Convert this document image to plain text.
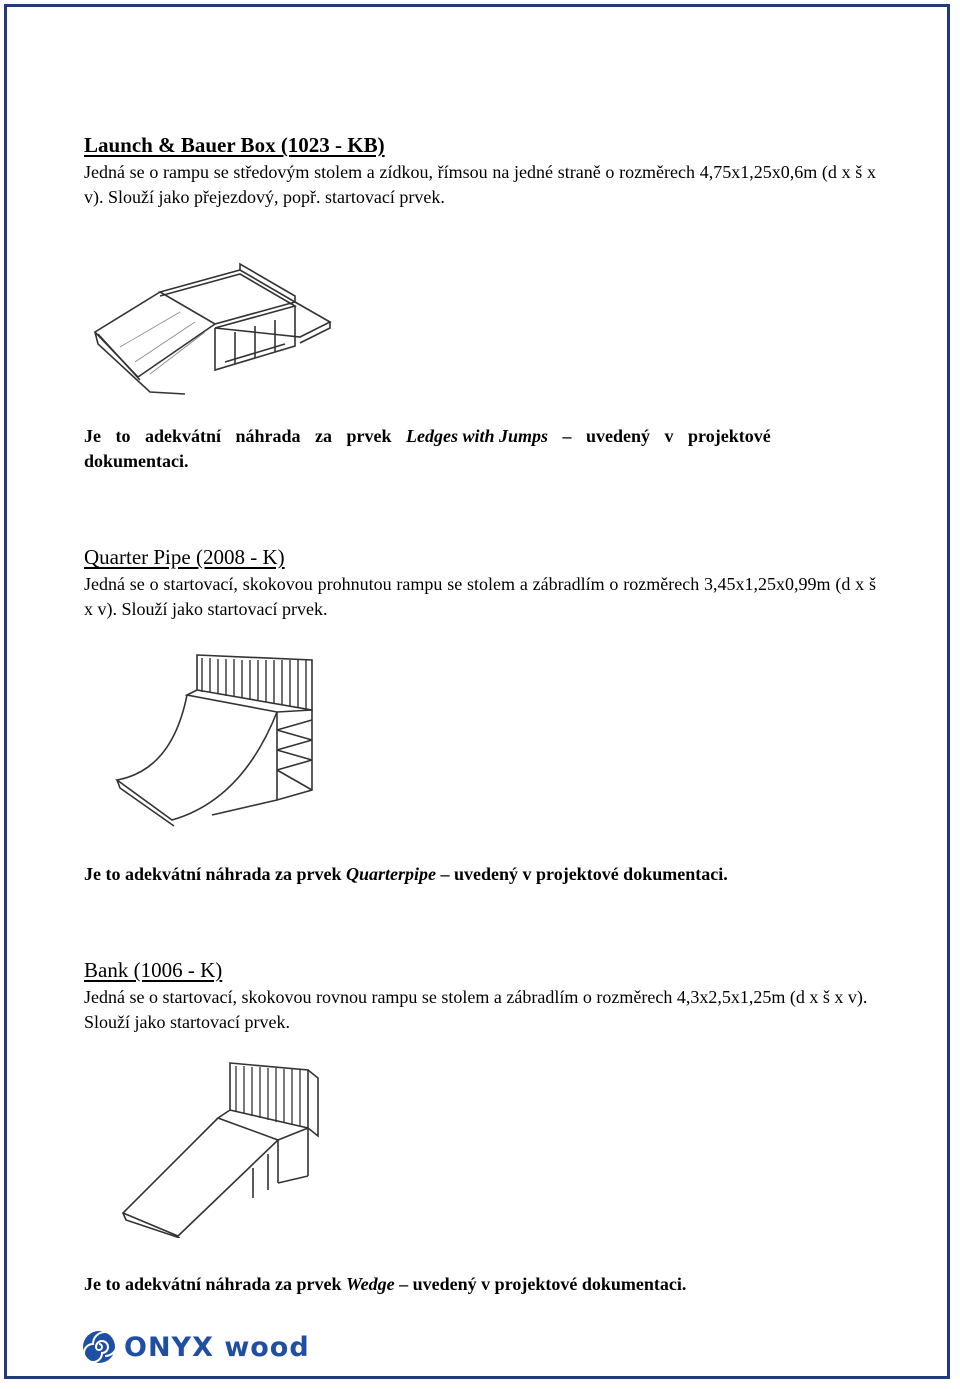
Launch & Bauer Box (1023 - KB)

Jedná se o rampu se středovým stolem a zídkou, římsou na jedné straně o rozměrech 4,75x1,25x0,6m (d x š x v). Slouží jako přejezdový, popř. startovací prvek.

Je to adekvátní náhrada za prvek Ledges with Jumps – uvedený v projektové dokumentaci.

Quarter Pipe (2008 - K)

Jedná se o startovací, skokovou prohnutou rampu se stolem a zábradlím o rozměrech 3,45x1,25x0,99m (d x š x v). Slouží jako startovací prvek.

Je to adekvátní náhrada za prvek Quarterpipe – uvedený v projektové dokumentaci.

Bank (1006 - K)

Jedná se o startovací, skokovou rovnou rampu se stolem a zábradlím o rozměrech 4,3x2,5x1,25m (d x š x v). Slouží jako startovací prvek.

Je to adekvátní náhrada za prvek Wedge – uvedený v projektové dokumentaci.

ONYX wood
